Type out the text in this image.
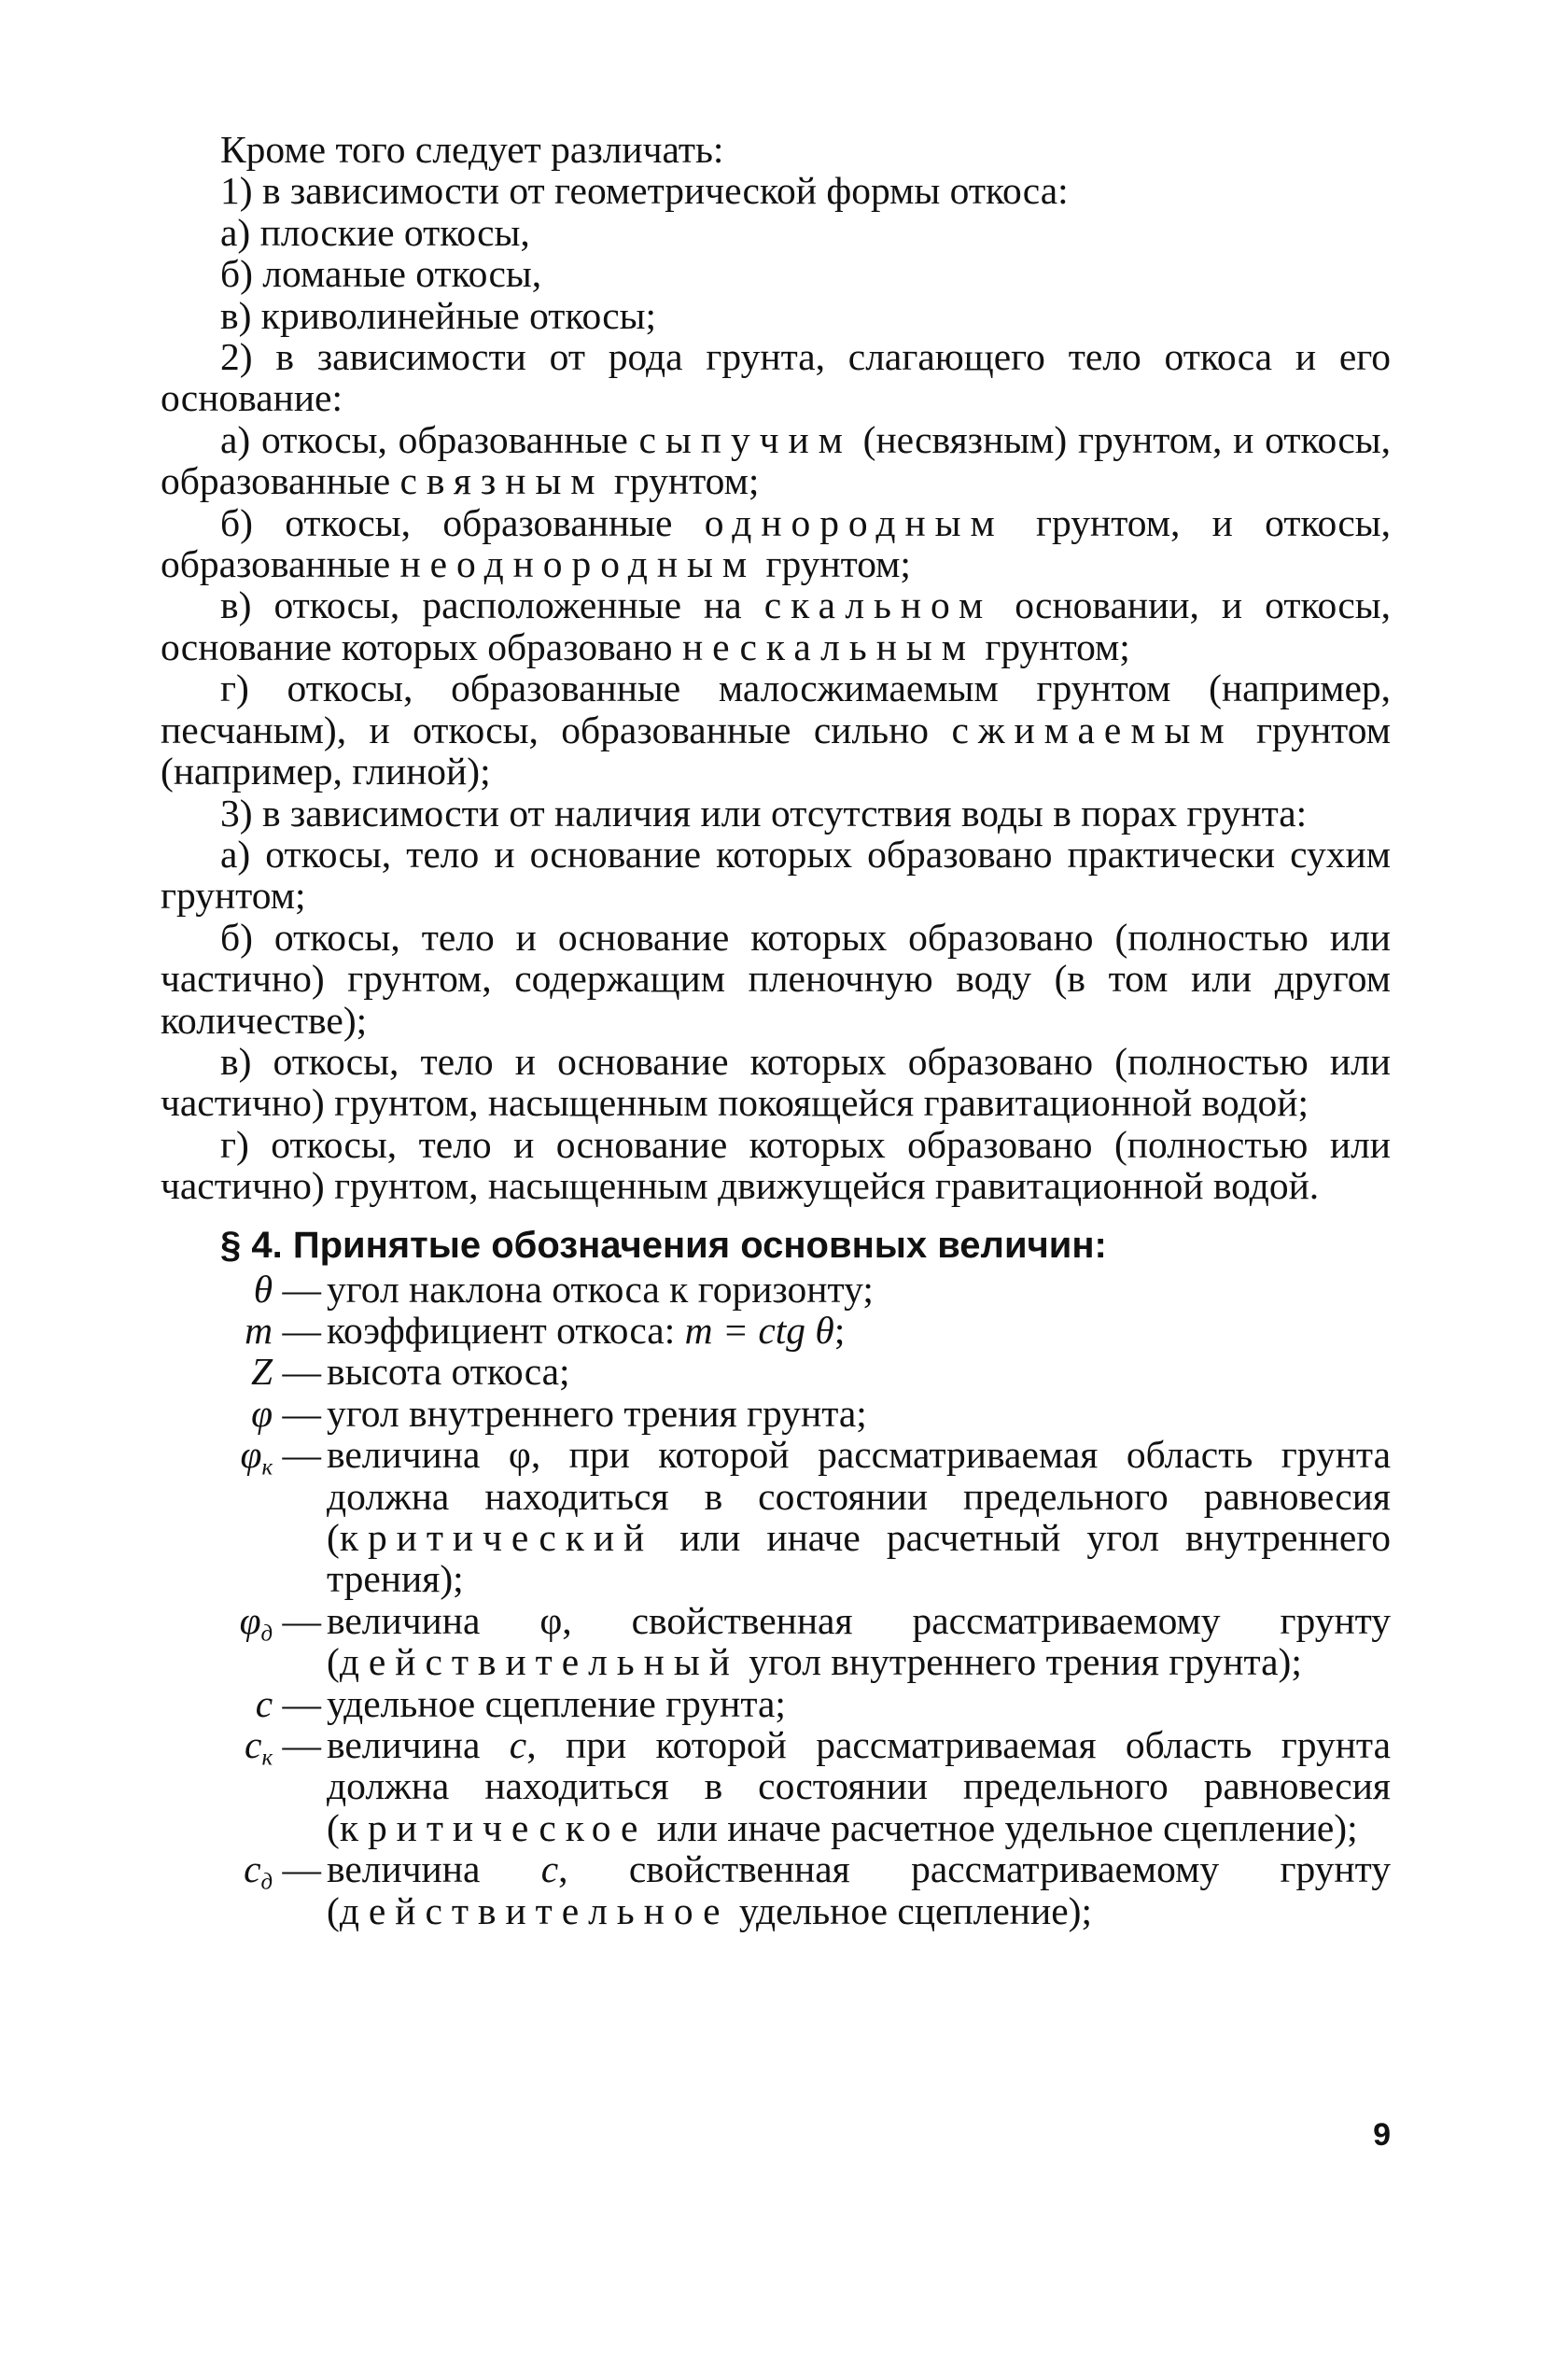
Кроме того следует различать:

1) в зависимости от геометрической формы откоса:

а) плоские откосы,

б) ломаные откосы,

в) криволинейные откосы;

2) в зависимости от рода грунта, слагающего тело откоса и его основание:

а) откосы, образованные сыпучим (несвязным) грунтом, и откосы, образованные связным грунтом;

б) откосы, образованные однородным грунтом, и откосы, образованные неоднородным грунтом;

в) откосы, расположенные на скальном основании, и откосы, основание которых образовано нескальным грунтом;

г) откосы, образованные малосжимаемым грунтом (например, песчаным), и откосы, образованные сильно сжимаемым грунтом (например, глиной);

3) в зависимости от наличия или отсутствия воды в порах грунта:

а) откосы, тело и основание которых образовано практически сухим грунтом;

б) откосы, тело и основание которых образовано (полностью или частично) грунтом, содержащим пленочную воду (в том или другом количестве);

в) откосы, тело и основание которых образовано (полностью или частично) грунтом, насыщенным покоящейся гравитационной водой;

г) откосы, тело и основание которых образовано (полностью или частично) грунтом, насыщенным движущейся гравитационной водой.

§ 4. Принятые обозначения основных величин:
θ — угол наклона откоса к горизонту;
m — коэффициент откоса: m = ctg θ;
Z — высота откоса;
φ — угол внутреннего трения грунта;
$\varphi_к$ — величина φ, при которой рассматриваемая область грунта должна находиться в состоянии предельного равновесия (критический или иначе расчетный угол внутреннего трения);
$\varphi_д$ — величина φ, свойственная рассматриваемому грунту (действительный угол внутреннего трения грунта);
c — удельное сцепление грунта;
$c_к$ — величина c, при которой рассматриваемая область грунта должна находиться в состоянии предельного равновесия (критическое или иначе расчетное удельное сцепление);
$c_д$ — величина c, свойственная рассматриваемому грунту (действительное удельное сцепление);
9
